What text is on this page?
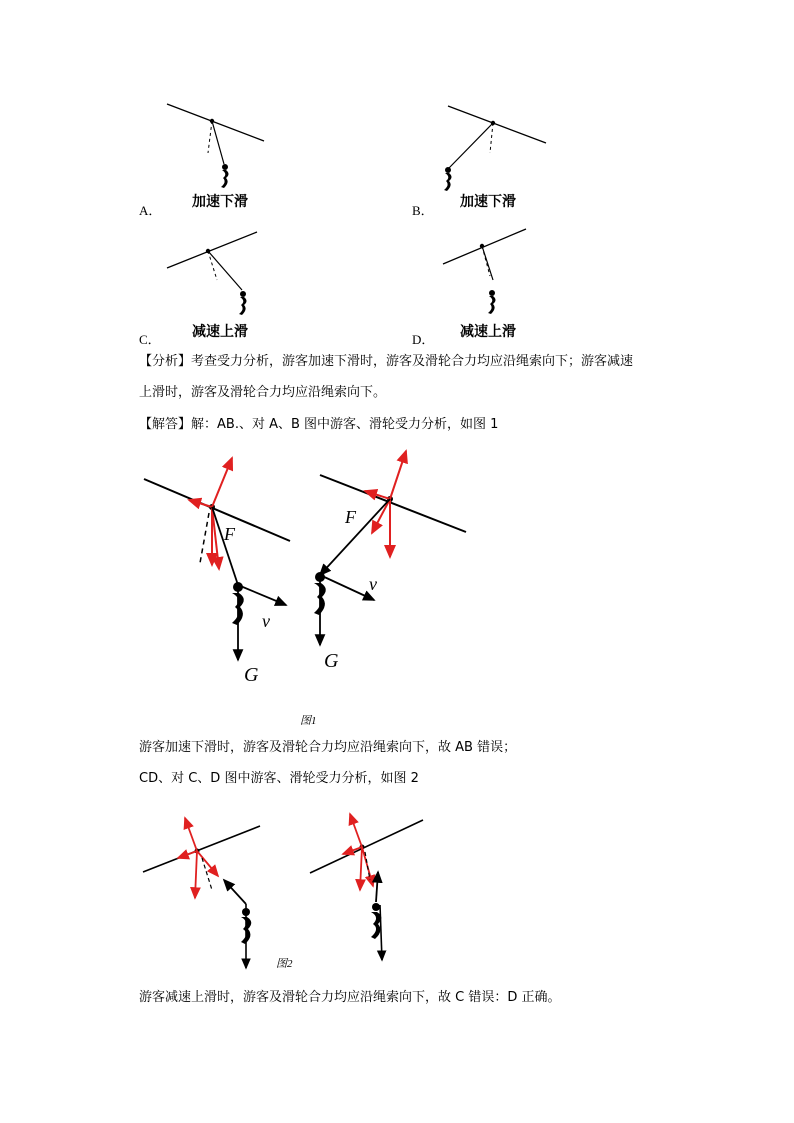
加速下滑
A．
加速下滑
B．
减速上滑
C．	减速上滑
D．
【分析】考查受力分析，游客加速下滑时，游客及滑轮合力均应沿绳索向下；游客减速
上滑时，游客及滑轮合力均应沿绳索向下。
【解答】解：AB.、对 A、B 图中游客、滑轮受力分析，如图 1
F
v
G
F
v
G
图1
游客加速下滑时，游客及滑轮合力均应沿绳索向下，故 AB 错误；
CD、对 C、D 图中游客、滑轮受力分析，如图 2
图2
游客减速上滑时，游客及滑轮合力均应沿绳索向下，故 C 错误：D 正确。
